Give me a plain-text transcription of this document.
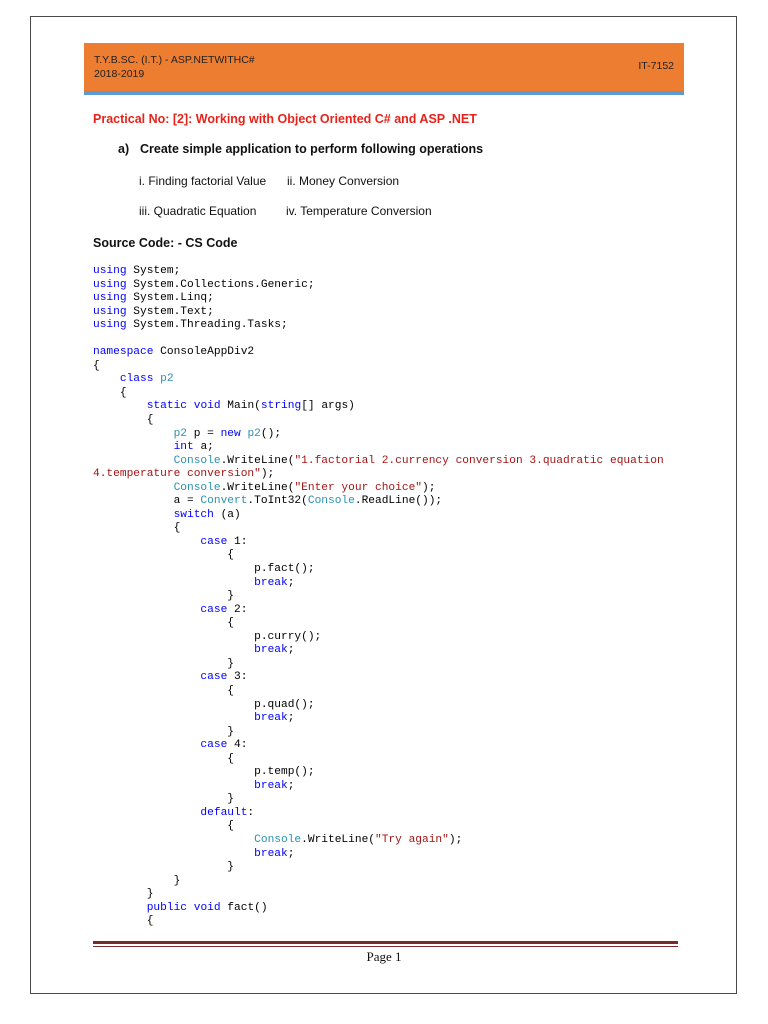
T.Y.B.SC. (I.T.) - ASP.NETWITHC#
2018-2019
IT-7152
Practical No: [2]: Working with Object Oriented C# and ASP .NET
a) Create simple application to perform following operations
i. Finding factorial Value ii. Money Conversion
iii. Quadratic Equation iv. Temperature Conversion
Source Code: - CS Code
using System;
using System.Collections.Generic;
using System.Linq;
using System.Text;
using System.Threading.Tasks;
namespace ConsoleAppDiv2
{
class p2
{
static void Main(string[] args)
{
p2 p = new p2();
int a;
Console.WriteLine("1.factorial 2.currency conversion 3.quadratic equation
4.temperature conversion");
Console.WriteLine("Enter your choice");
a = Convert.ToInt32(Console.ReadLine());
switch (a)
{
case 1:
{
p.fact();
break;
}
case 2:
{
p.curry();
break;
}
case 3:
{
p.quad();
break;
}
case 4:
{
p.temp();
break;
}
default:
{
Console.WriteLine("Try again");
break;
}
}
}
public void fact()
{
Page 1
